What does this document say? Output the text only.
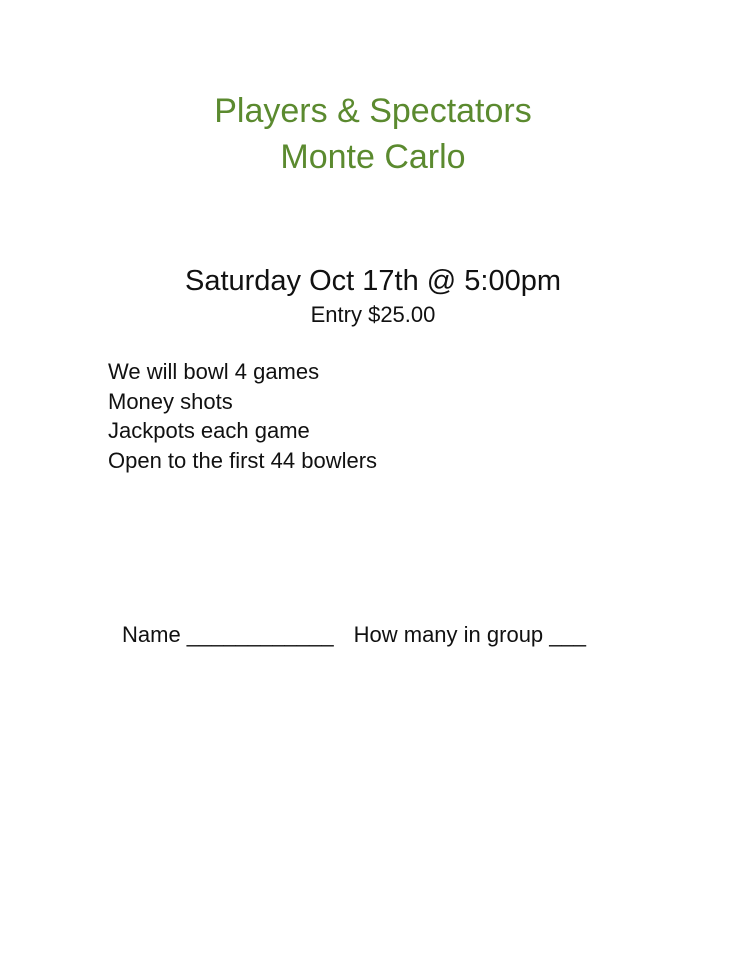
Players & Spectators
Monte Carlo
Saturday Oct 17th @ 5:00pm
Entry $25.00
We will bowl 4 games
Money shots
Jackpots each game
Open to the first 44 bowlers
Name ____________ How many in group ___
